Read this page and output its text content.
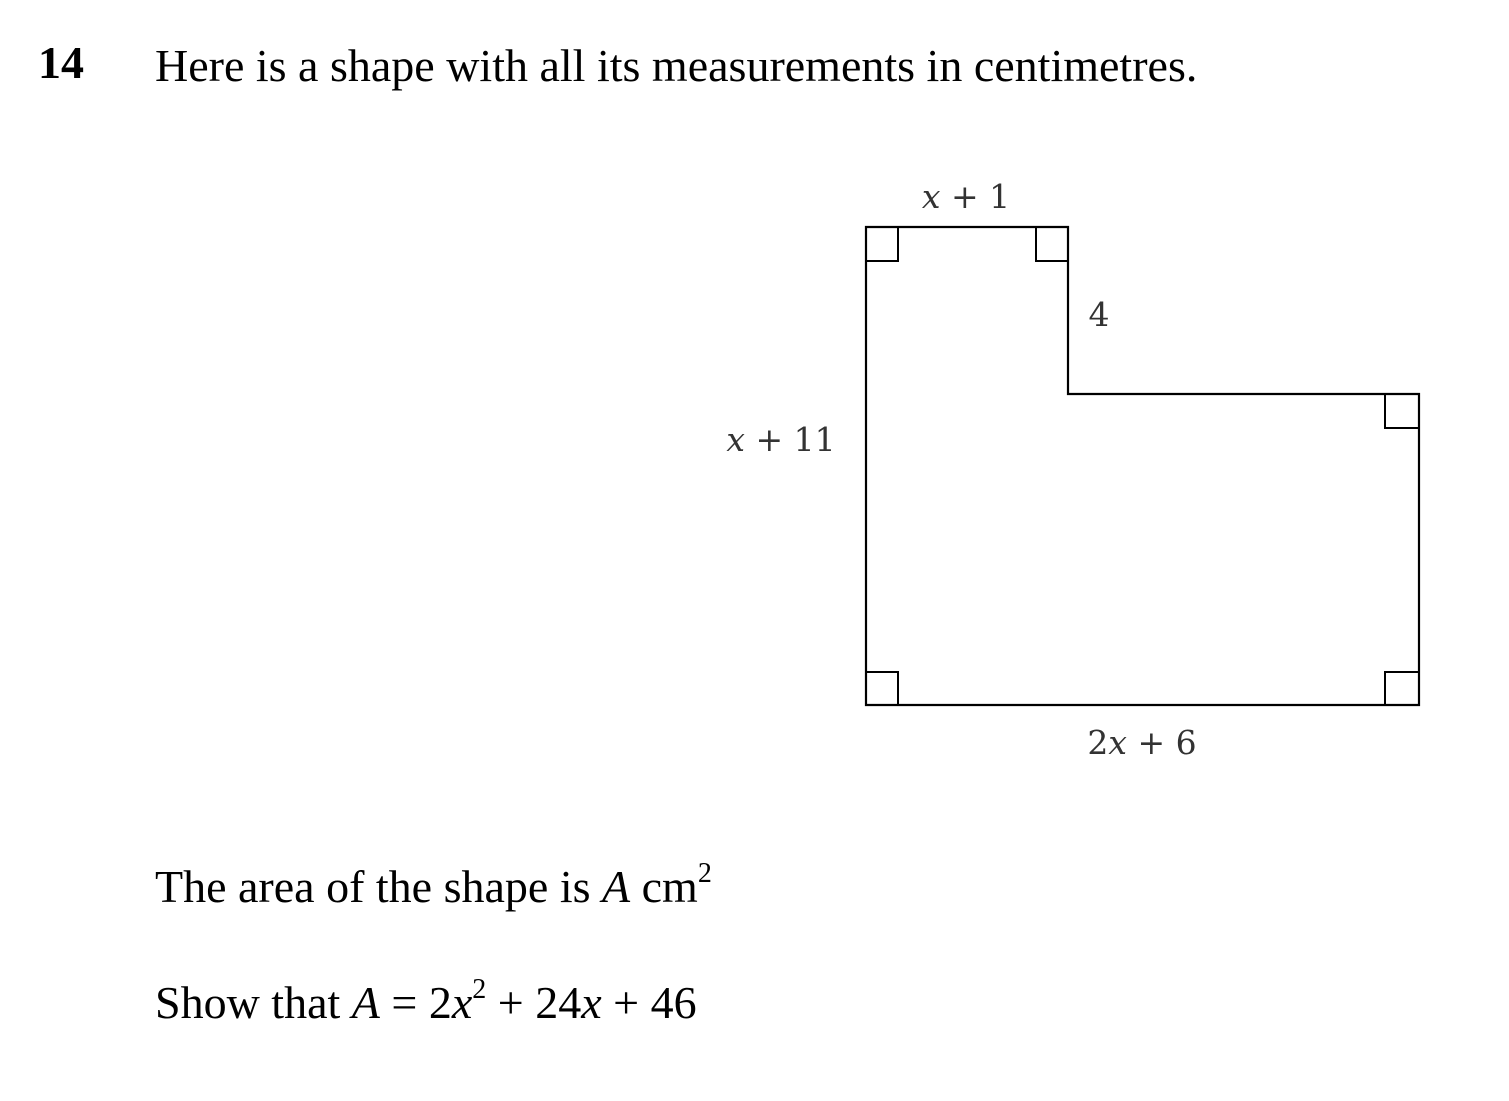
14 Here is a shape with all its measurements in centimetres.
x + 1
4
x + 11
2x + 6
The area of the shape is A $cm^2$
Show that $A = 2x^2 + 24x + 46$
